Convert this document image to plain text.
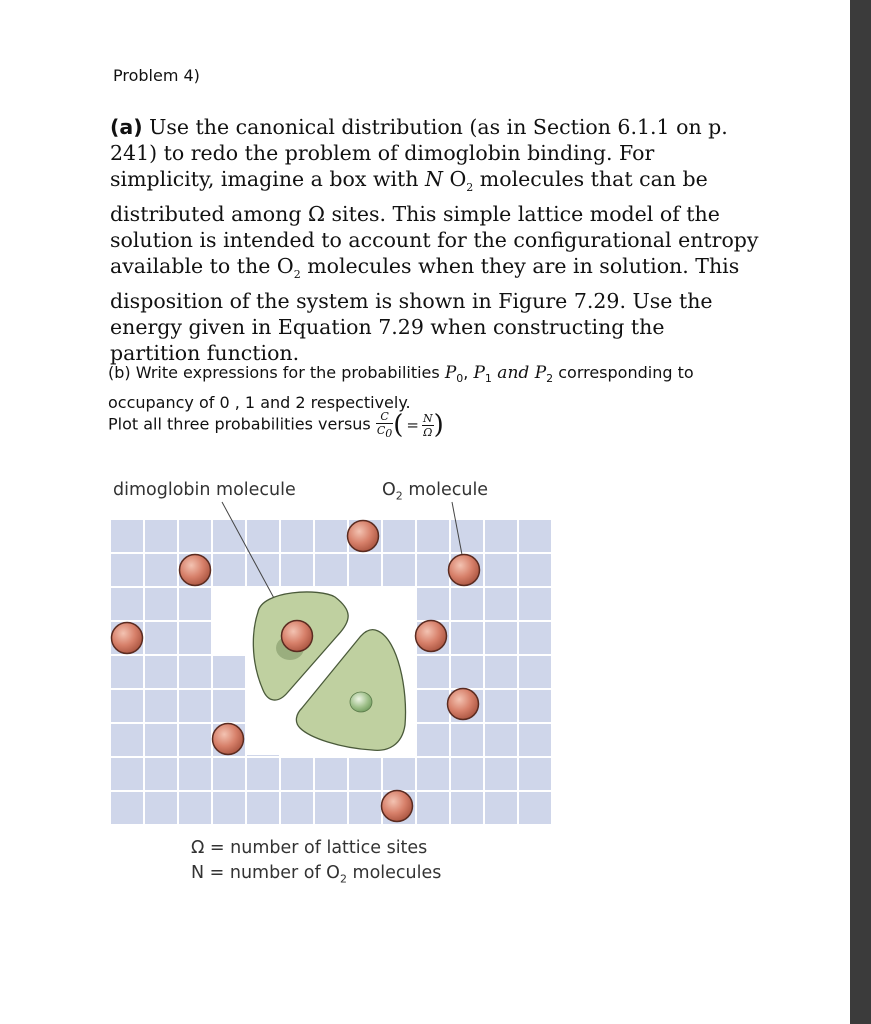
Problem 4)
(a) Use the canonical distribution (as in Section 6.1.1 on p. 241) to redo the problem of dimoglobin binding. For simplicity, imagine a box with N $O_2$ molecules that can be distributed among Ω sites. This simple lattice model of the solution is intended to account for the configurational entropy available to the $O_2$ molecules when they are in solution. This disposition of the system is shown in Figure 7.29. Use the energy given in Equation 7.29 when constructing the partition function.
(b) Write expressions for the probabilities $P_0$, $P_1$ and $P_2$ corresponding to occupancy of 0 , 1 and 2 respectively.
Plot all three probabilities versus $\frac{C}{C_0}$ ( = $\frac{N}{\Omega}$ )
dimoglobin molecule	$O_2$ molecule
Ω = number of lattice sites
N = number of $O_2$ molecules
